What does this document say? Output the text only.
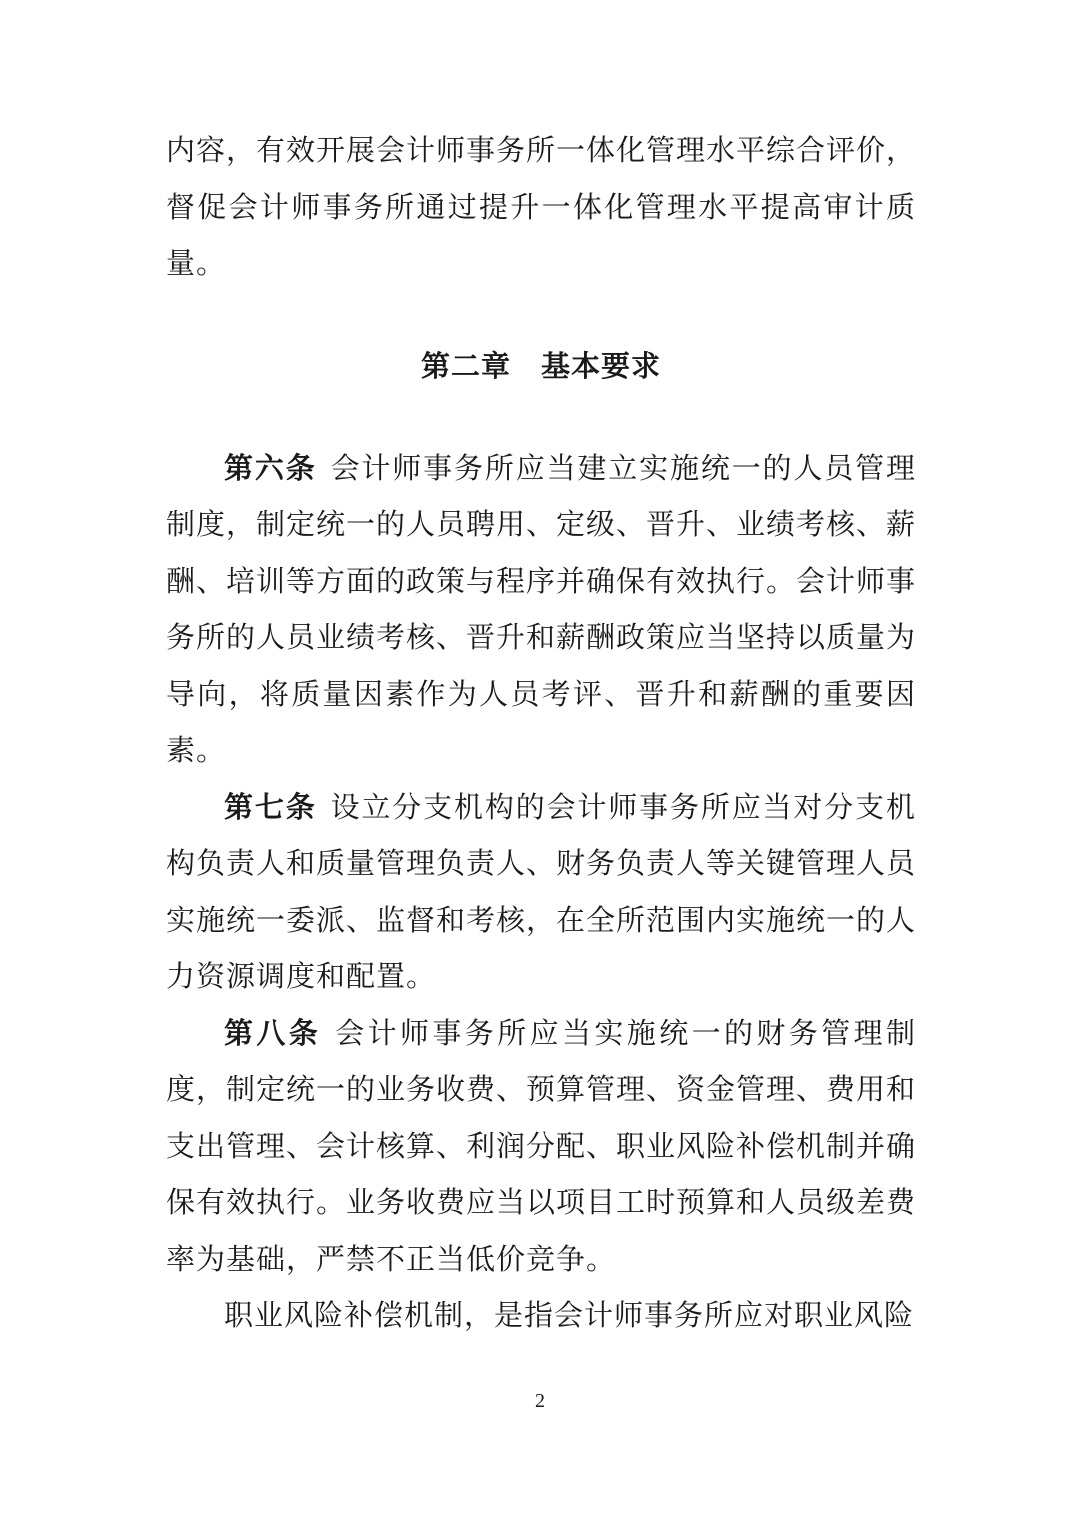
内容，有效开展会计师事务所一体化管理水平综合评价，督促会计师事务所通过提升一体化管理水平提高审计质量。

第二章 基本要求

第六条 会计师事务所应当建立实施统一的人员管理制度，制定统一的人员聘用、定级、晋升、业绩考核、薪酬、培训等方面的政策与程序并确保有效执行。会计师事务所的人员业绩考核、晋升和薪酬政策应当坚持以质量为导向，将质量因素作为人员考评、晋升和薪酬的重要因素。

第七条 设立分支机构的会计师事务所应当对分支机构负责人和质量管理负责人、财务负责人等关键管理人员实施统一委派、监督和考核，在全所范围内实施统一的人力资源调度和配置。

第八条 会计师事务所应当实施统一的财务管理制度，制定统一的业务收费、预算管理、资金管理、费用和支出管理、会计核算、利润分配、职业风险补偿机制并确保有效执行。业务收费应当以项目工时预算和人员级差费率为基础，严禁不正当低价竞争。

职业风险补偿机制，是指会计师事务所应对职业风险

2
